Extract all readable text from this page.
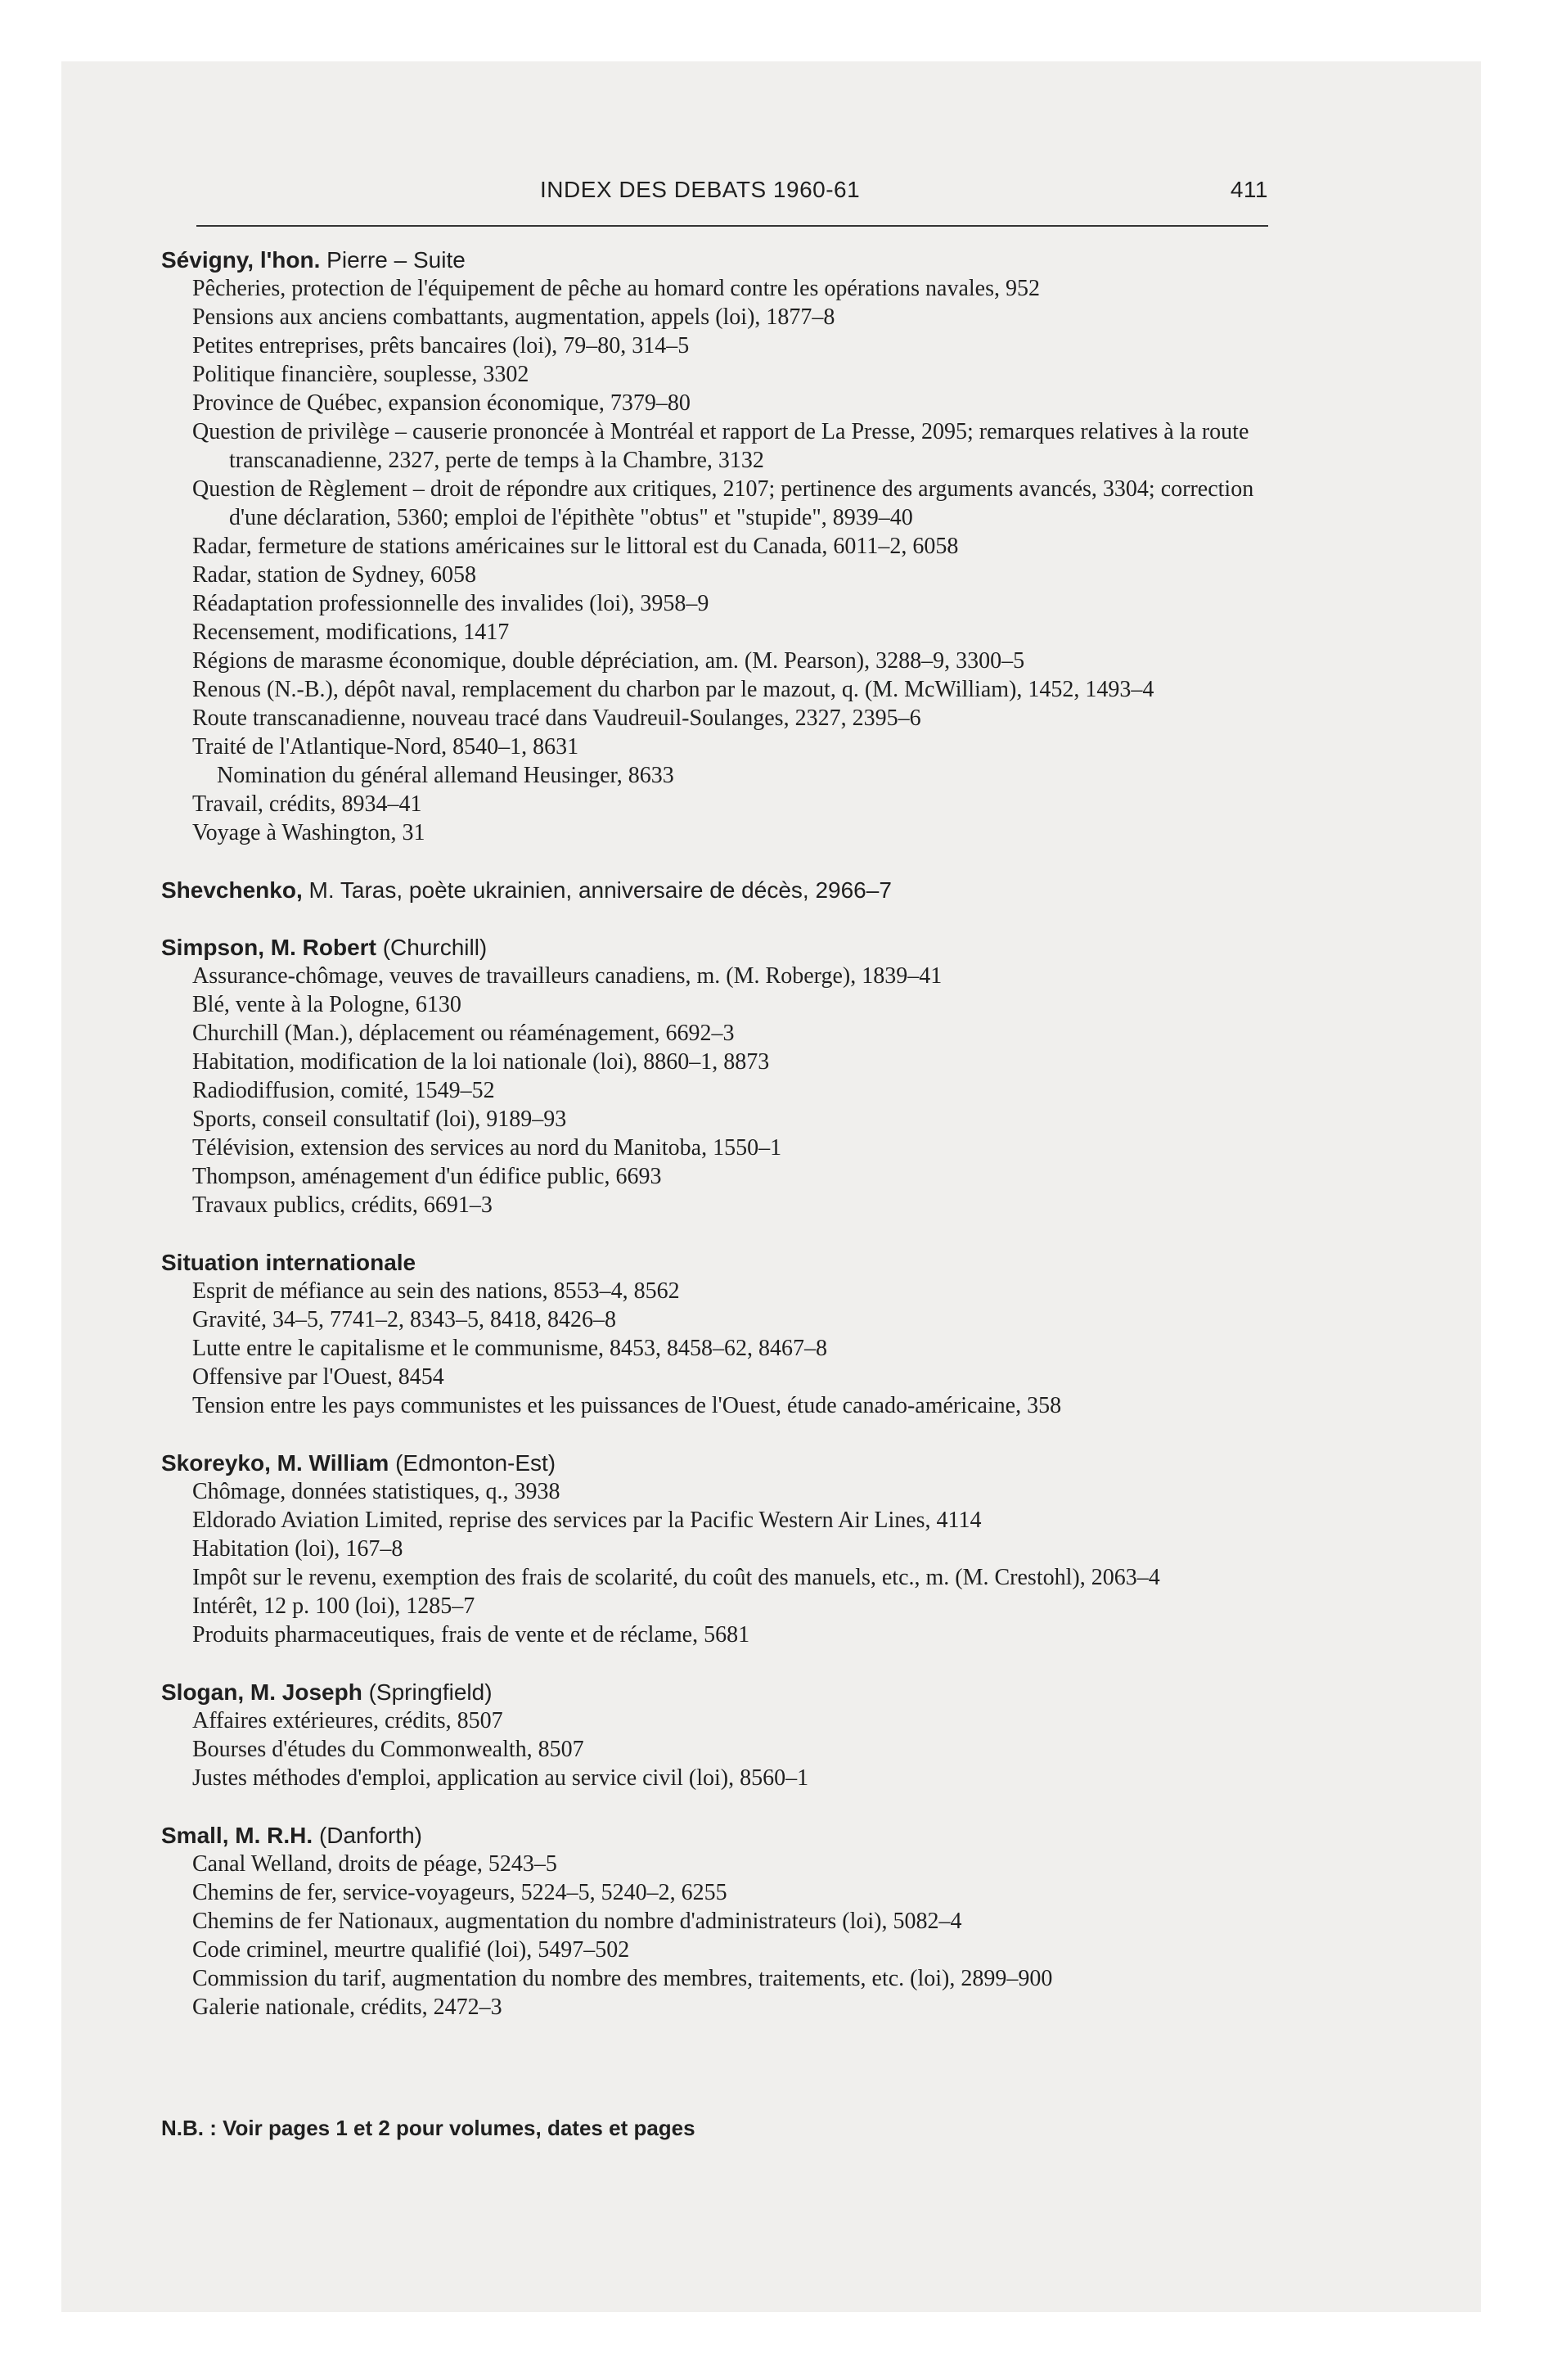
INDEX DES DEBATS 1960-61	411
Sévigny, l'hon. Pierre – Suite
Pêcheries, protection de l'équipement de pêche au homard contre les opérations navales, 952
Pensions aux anciens combattants, augmentation, appels (loi), 1877–8
Petites entreprises, prêts bancaires (loi), 79–80, 314–5
Politique financière, souplesse, 3302
Province de Québec, expansion économique, 7379–80
Question de privilège – causerie prononcée à Montréal et rapport de La Presse, 2095; remarques relatives à la route transcanadienne, 2327, perte de temps à la Chambre, 3132
Question de Règlement – droit de répondre aux critiques, 2107; pertinence des arguments avancés, 3304; correction d'une déclaration, 5360; emploi de l'épithète "obtus" et "stupide", 8939–40
Radar, fermeture de stations américaines sur le littoral est du Canada, 6011–2, 6058
Radar, station de Sydney, 6058
Réadaptation professionnelle des invalides (loi), 3958–9
Recensement, modifications, 1417
Régions de marasme économique, double dépréciation, am. (M. Pearson), 3288–9, 3300–5
Renous (N.-B.), dépôt naval, remplacement du charbon par le mazout, q. (M. McWilliam), 1452, 1493–4
Route transcanadienne, nouveau tracé dans Vaudreuil-Soulanges, 2327, 2395–6
Traité de l'Atlantique-Nord, 8540–1, 8631
Nomination du général allemand Heusinger, 8633
Travail, crédits, 8934–41
Voyage à Washington, 31
Shevchenko, M. Taras, poète ukrainien, anniversaire de décès, 2966–7
Simpson, M. Robert (Churchill)
Assurance-chômage, veuves de travailleurs canadiens, m. (M. Roberge), 1839–41
Blé, vente à la Pologne, 6130
Churchill (Man.), déplacement ou réaménagement, 6692–3
Habitation, modification de la loi nationale (loi), 8860–1, 8873
Radiodiffusion, comité, 1549–52
Sports, conseil consultatif (loi), 9189–93
Télévision, extension des services au nord du Manitoba, 1550–1
Thompson, aménagement d'un édifice public, 6693
Travaux publics, crédits, 6691–3
Situation internationale
Esprit de méfiance au sein des nations, 8553–4, 8562
Gravité, 34–5, 7741–2, 8343–5, 8418, 8426–8
Lutte entre le capitalisme et le communisme, 8453, 8458–62, 8467–8
Offensive par l'Ouest, 8454
Tension entre les pays communistes et les puissances de l'Ouest, étude canado-américaine, 358
Skoreyko, M. William (Edmonton-Est)
Chômage, données statistiques, q., 3938
Eldorado Aviation Limited, reprise des services par la Pacific Western Air Lines, 4114
Habitation (loi), 167–8
Impôt sur le revenu, exemption des frais de scolarité, du coût des manuels, etc., m. (M. Crestohl), 2063–4
Intérêt, 12 p. 100 (loi), 1285–7
Produits pharmaceutiques, frais de vente et de réclame, 5681
Slogan, M. Joseph (Springfield)
Affaires extérieures, crédits, 8507
Bourses d'études du Commonwealth, 8507
Justes méthodes d'emploi, application au service civil (loi), 8560–1
Small, M. R.H. (Danforth)
Canal Welland, droits de péage, 5243–5
Chemins de fer, service-voyageurs, 5224–5, 5240–2, 6255
Chemins de fer Nationaux, augmentation du nombre d'administrateurs (loi), 5082–4
Code criminel, meurtre qualifié (loi), 5497–502
Commission du tarif, augmentation du nombre des membres, traitements, etc. (loi), 2899–900
Galerie nationale, crédits, 2472–3
N.B. : Voir pages 1 et 2 pour volumes, dates et pages
